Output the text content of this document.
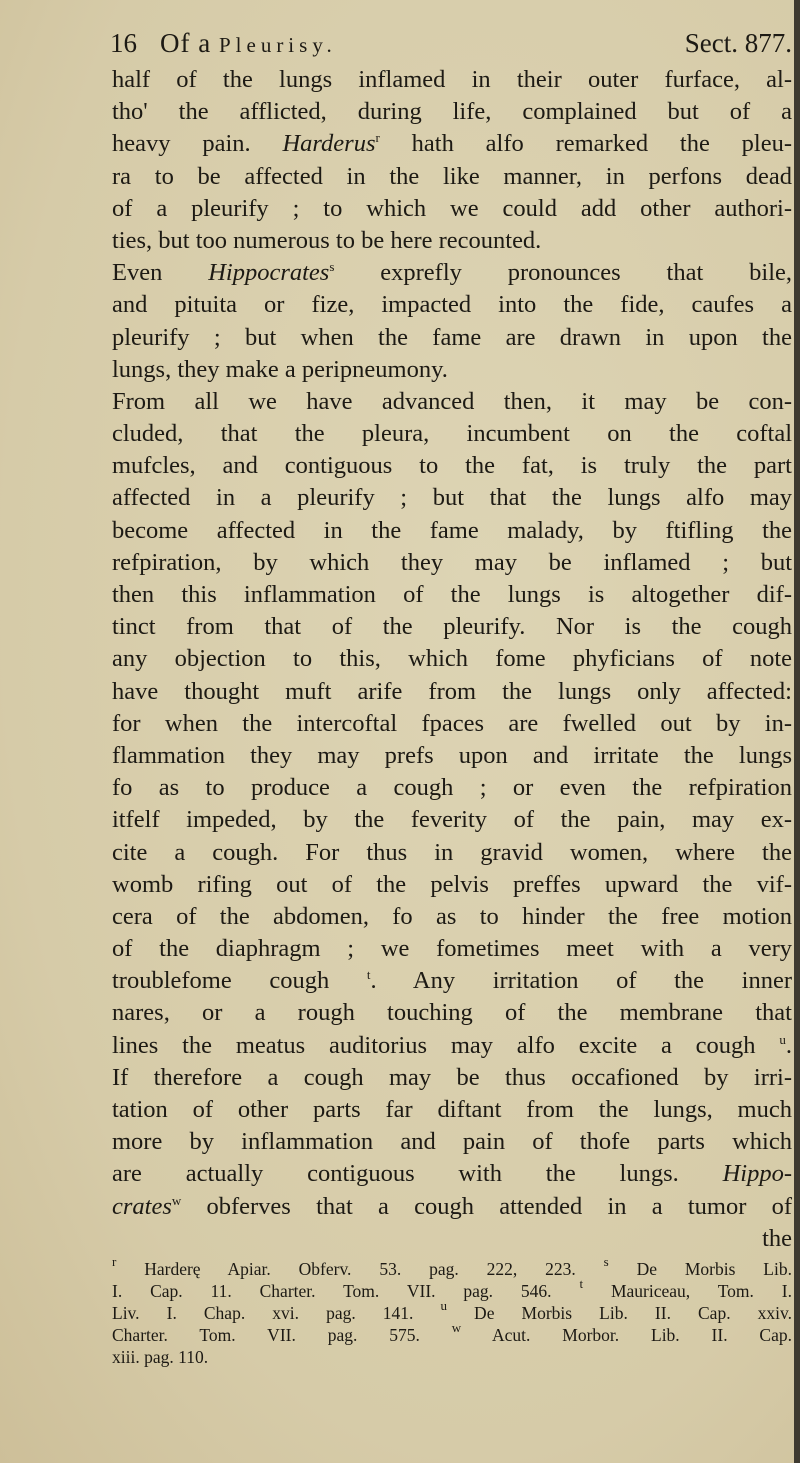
16 Of a Pleurisy.	Sect. 877.
half of the lungs inflamed in their outer furface, al-
tho' the afflicted, during life, complained but of a
heavy pain. Harderus$^r$ hath alfo remarked the pleu-
ra to be affected in the like manner, in perfons dead
of a pleurify ; to which we could add other authori-
ties, but too numerous to be here recounted.
Even Hippocrates$^s$ exprefly pronounces that bile,
and pituita or fize, impacted into the fide, caufes a
pleurify ; but when the fame are drawn in upon the
lungs, they make a peripneumony.
From all we have advanced then, it may be con-
cluded, that the pleura, incumbent on the coftal
mufcles, and contiguous to the fat, is truly the part
affected in a pleurify ; but that the lungs alfo may
become affected in the fame malady, by ftifling the
refpiration, by which they may be inflamed ; but
then this inflammation of the lungs is altogether dif-
tinct from that of the pleurify. Nor is the cough
any objection to this, which fome phyficians of note
have thought muft arife from the lungs only affected:
for when the intercoftal fpaces are fwelled out by in-
flammation they may prefs upon and irritate the lungs
fo as to produce a cough ; or even the refpiration
itfelf impeded, by the feverity of the pain, may ex-
cite a cough. For thus in gravid women, where the
womb rifing out of the pelvis preffes upward the vif-
cera of the abdomen, fo as to hinder the free motion
of the diaphragm ; we fometimes meet with a very
troublefome cough $^t$. Any irritation of the inner
nares, or a rough touching of the membrane that
lines the meatus auditorius may alfo excite a cough $^u$.
If therefore a cough may be thus occafioned by irri-
tation of other parts far diftant from the lungs, much
more by inflammation and pain of thofe parts which
are actually contiguous with the lungs. Hippo-
crates$^w$ obferves that a cough attended in a tumor of
the
$^r$ Harderę Apiar. Obferv. 53. pag. 222, 223. $^s$ De Morbis Lib.
I. Cap. 11. Charter. Tom. VII. pag. 546. $^t$ Mauriceau, Tom. I.
Liv. I. Chap. xvi. pag. 141. $^u$ De Morbis Lib. II. Cap. xxiv.
Charter. Tom. VII. pag. 575. $^w$ Acut. Morbor. Lib. II. Cap.
xiii. pag. 110.
